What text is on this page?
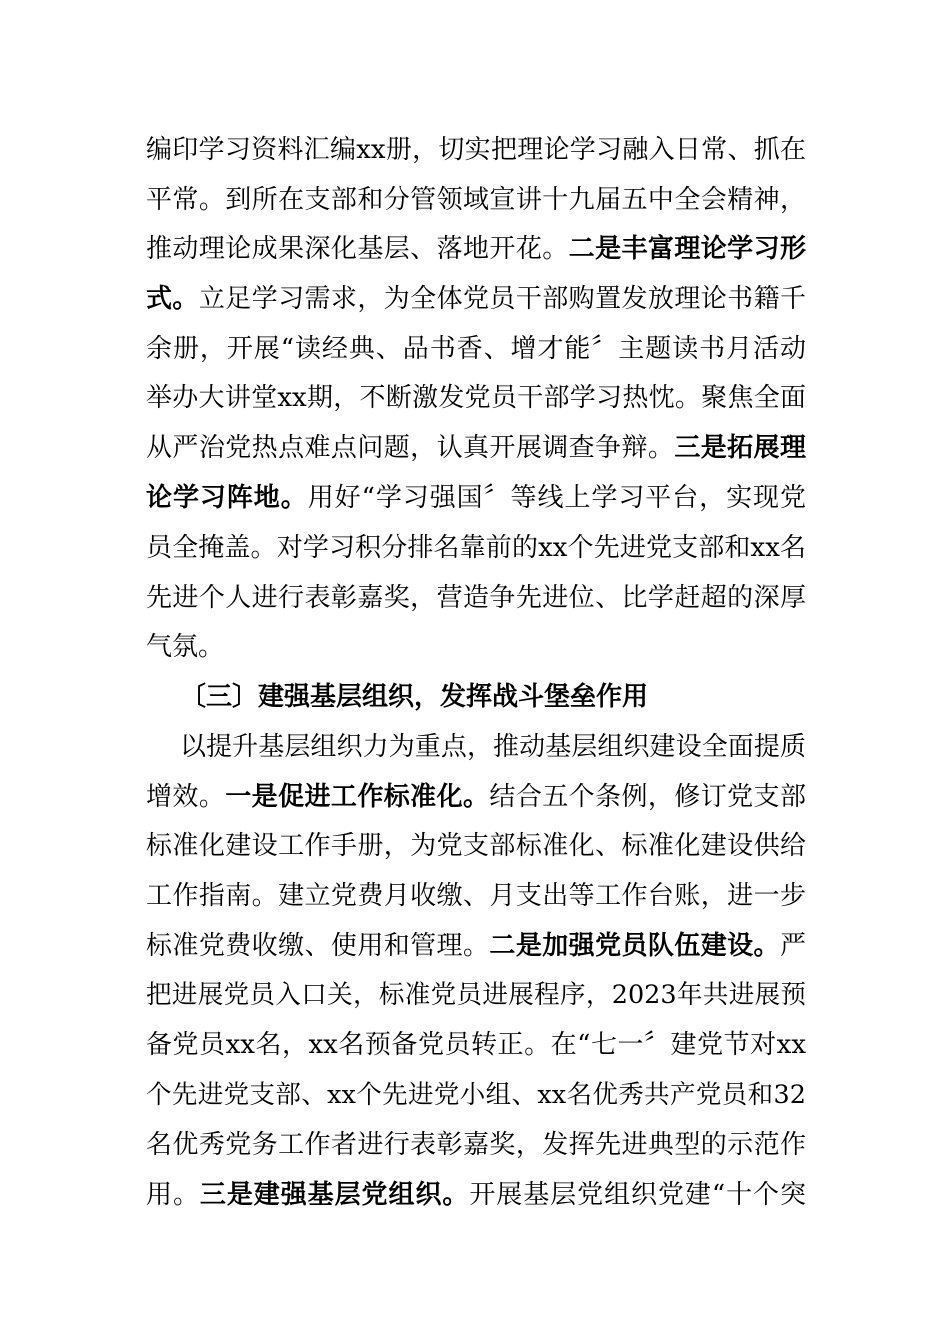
编印学习资料汇编xx册，切实把理论学习融入日常、抓在
平常。到所在支部和分管领域宣讲十九届五中全会精神，
推动理论成果深化基层、落地开花。二是丰富理论学习形
式。立足学习需求，为全体党员干部购置发放理论书籍千
余册，开展“读经典、品书香、增才能〞主题读书月活动
举办大讲堂xx期，不断激发党员干部学习热忱。聚焦全面
从严治党热点难点问题，认真开展调查争辩。三是拓展理
论学习阵地。用好“学习强国〞等线上学习平台，实现党
员全掩盖。对学习积分排名靠前的xx个先进党支部和xx名
先进个人进行表彰嘉奖，营造争先进位、比学赶超的深厚
气氛。
〔三〕建强基层组织，发挥战斗堡垒作用
以提升基层组织力为重点，推动基层组织建设全面提质
增效。一是促进工作标准化。结合五个条例，修订党支部
标准化建设工作手册，为党支部标准化、标准化建设供给
工作指南。建立党费月收缴、月支出等工作台账，进一步
标准党费收缴、使用和管理。二是加强党员队伍建设。严
把进展党员入口关，标准党员进展程序，2023年共进展预
备党员xx名，xx名预备党员转正。在“七一〞建党节对xx
个先进党支部、xx个先进党小组、xx名优秀共产党员和32
名优秀党务工作者进行表彰嘉奖，发挥先进典型的示范作
用。三是建强基层党组织。开展基层党组织党建“十个突
